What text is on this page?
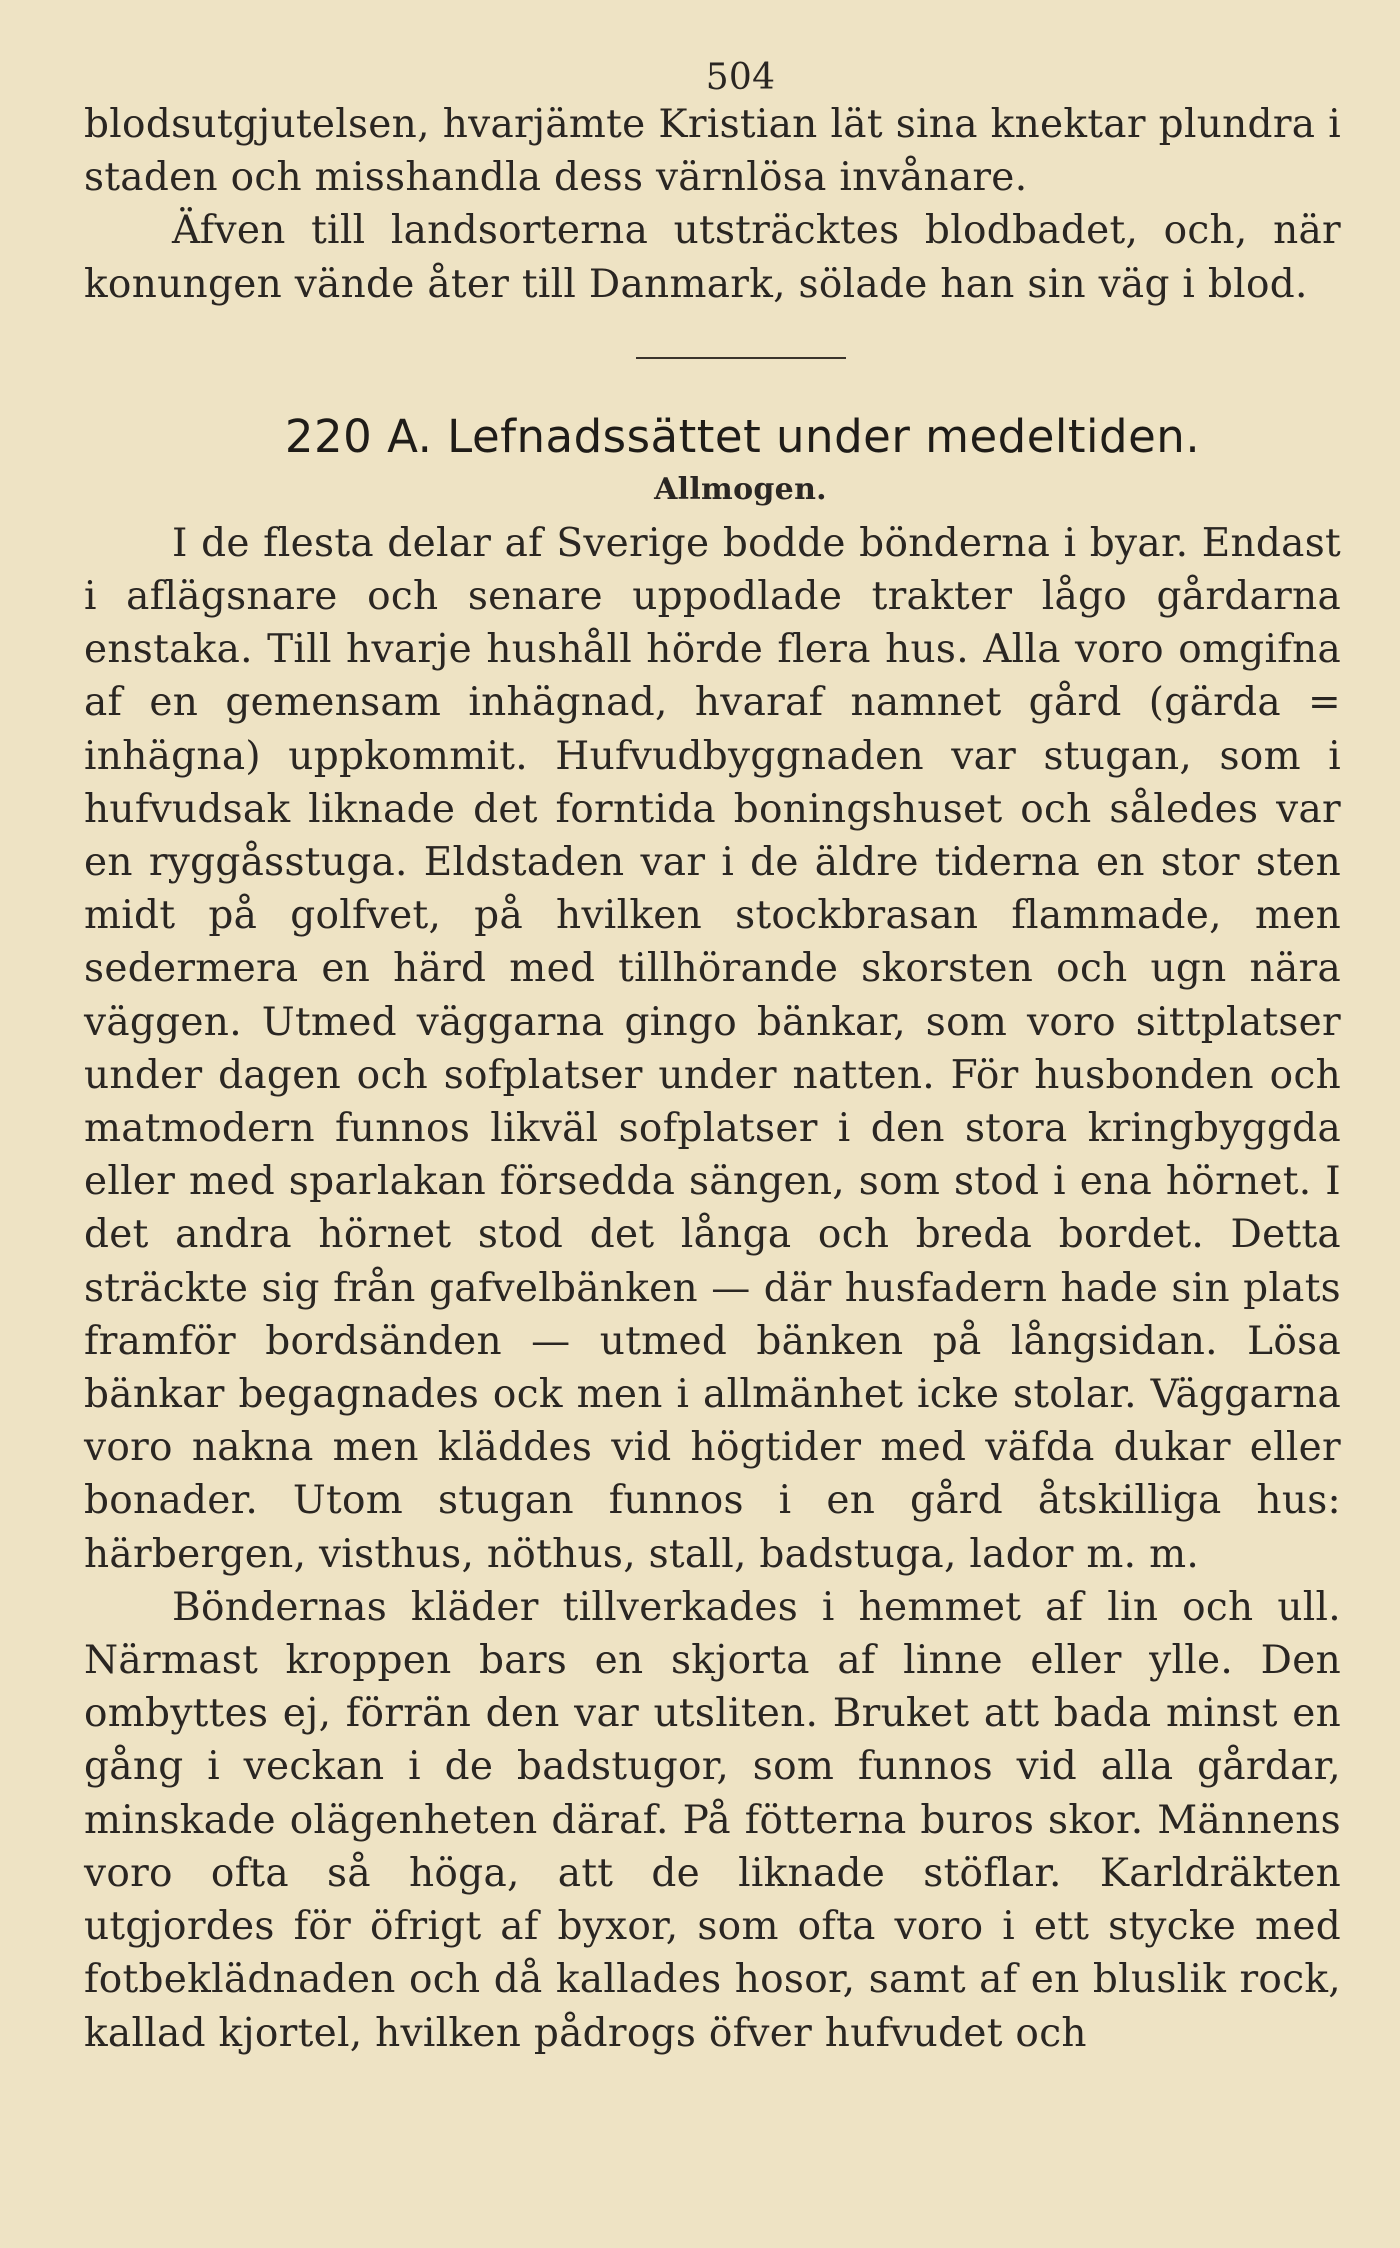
504

blodsutgjutelsen, hvarjämte Kristian lät sina knektar plundra i staden och misshandla dess värnlösa invånare.

Äfven till landsorterna utsträcktes blodbadet, och, när konungen vände åter till Danmark, sölade han sin väg i blod.

220 A. Lefnadssättet under medeltiden.
Allmogen.

I de flesta delar af Sverige bodde bönderna i byar. Endast i aflägsnare och senare uppodlade trakter lågo gårdarna enstaka. Till hvarje hushåll hörde flera hus. Alla voro omgifna af en gemensam inhägnad, hvaraf namnet gård (gärda = inhägna) uppkommit. Hufvudbyggnaden var stugan, som i hufvudsak liknade det forntida boningshuset och således var en ryggåsstuga. Eldstaden var i de äldre tiderna en stor sten midt på golfvet, på hvilken stockbrasan flammade, men sedermera en härd med tillhörande skorsten och ugn nära väggen. Utmed väggarna gingo bänkar, som voro sittplatser under dagen och sofplatser under natten. För husbonden och matmodern funnos likväl sofplatser i den stora kringbyggda eller med sparlakan försedda sängen, som stod i ena hörnet. I det andra hörnet stod det långa och breda bordet. Detta sträckte sig från gafvelbänken — där husfadern hade sin plats framför bordsänden — utmed bänken på långsidan. Lösa bänkar begagnades ock men i allmänhet icke stolar. Väggarna voro nakna men kläddes vid högtider med väfda dukar eller bonader. Utom stugan funnos i en gård åtskilliga hus: härbergen, visthus, nöthus, stall, badstuga, lador m. m.

Böndernas kläder tillverkades i hemmet af lin och ull. Närmast kroppen bars en skjorta af linne eller ylle. Den ombyttes ej, förrän den var utsliten. Bruket att bada minst en gång i veckan i de badstugor, som funnos vid alla gårdar, minskade olägenheten däraf. På fötterna buros skor. Männens voro ofta så höga, att de liknade stöflar. Karldräkten utgjordes för öfrigt af byxor, som ofta voro i ett stycke med fotbeklädnaden och då kallades hosor, samt af en bluslik rock, kallad kjortel, hvilken pådrogs öfver hufvudet och
